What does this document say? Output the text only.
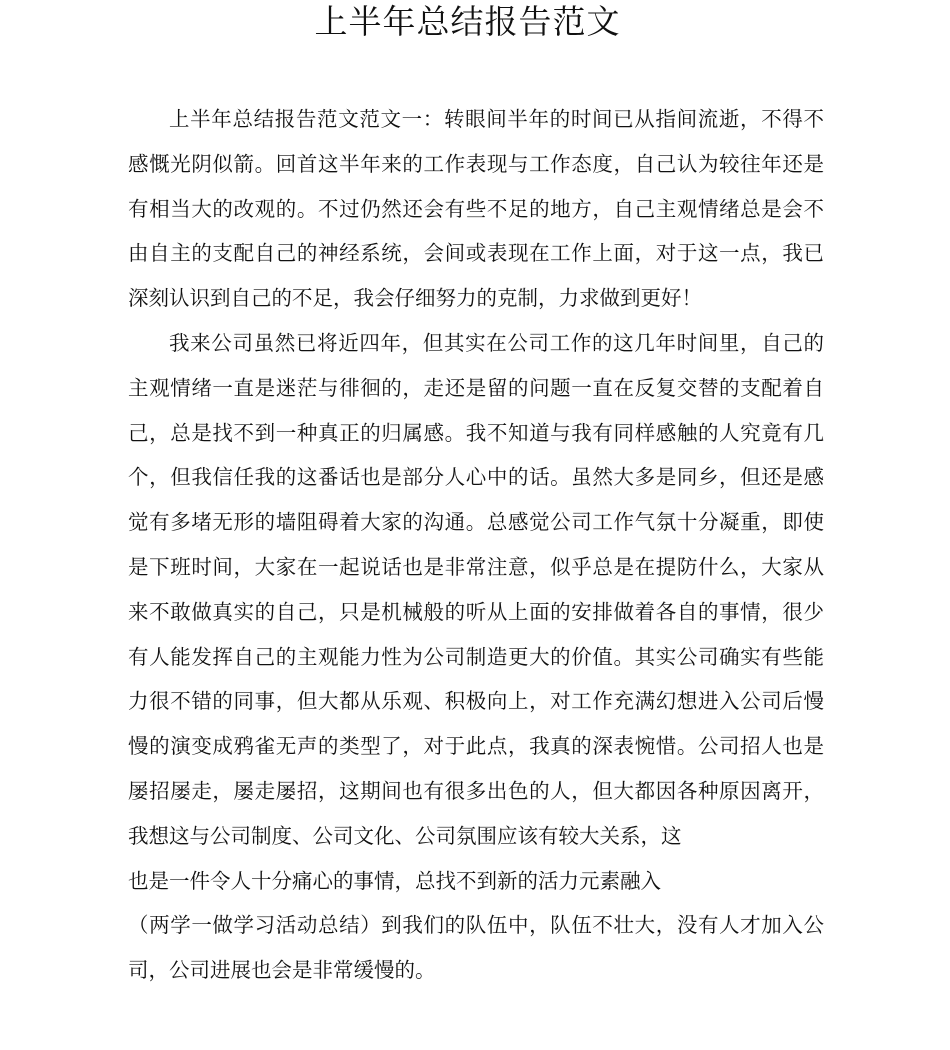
上半年总结报告范文

上半年总结报告范文范文一：转眼间半年的时间已从指间流逝，不得不感慨光阴似箭。回首这半年来的工作表现与工作态度，自己认为较往年还是有相当大的改观的。不过仍然还会有些不足的地方，自己主观情绪总是会不由自主的支配自己的神经系统，会间或表现在工作上面，对于这一点，我已深刻认识到自己的不足，我会仔细努力的克制，力求做到更好！

我来公司虽然已将近四年，但其实在公司工作的这几年时间里，自己的主观情绪一直是迷茫与徘徊的，走还是留的问题一直在反复交替的支配着自己，总是找不到一种真正的归属感。我不知道与我有同样感触的人究竟有几个，但我信任我的这番话也是部分人心中的话。虽然大多是同乡，但还是感觉有多堵无形的墙阻碍着大家的沟通。总感觉公司工作气氛十分凝重，即使是下班时间，大家在一起说话也是非常注意，似乎总是在提防什么，大家从来不敢做真实的自己，只是机械般的听从上面的安排做着各自的事情，很少有人能发挥自己的主观能力性为公司制造更大的价值。其实公司确实有些能力很不错的同事，但大都从乐观、积极向上，对工作充满幻想进入公司后慢慢的演变成鸦雀无声的类型了，对于此点，我真的深表惋惜。公司招人也是屡招屡走，屡走屡招，这期间也有很多出色的人，但大都因各种原因离开，我想这与公司制度、公司文化、公司氛围应该有较大关系，这

也是一件令人十分痛心的事情，总找不到新的活力元素融入

（两学一做学习活动总结）到我们的队伍中，队伍不壮大，没有人才加入公司，公司进展也会是非常缓慢的。
